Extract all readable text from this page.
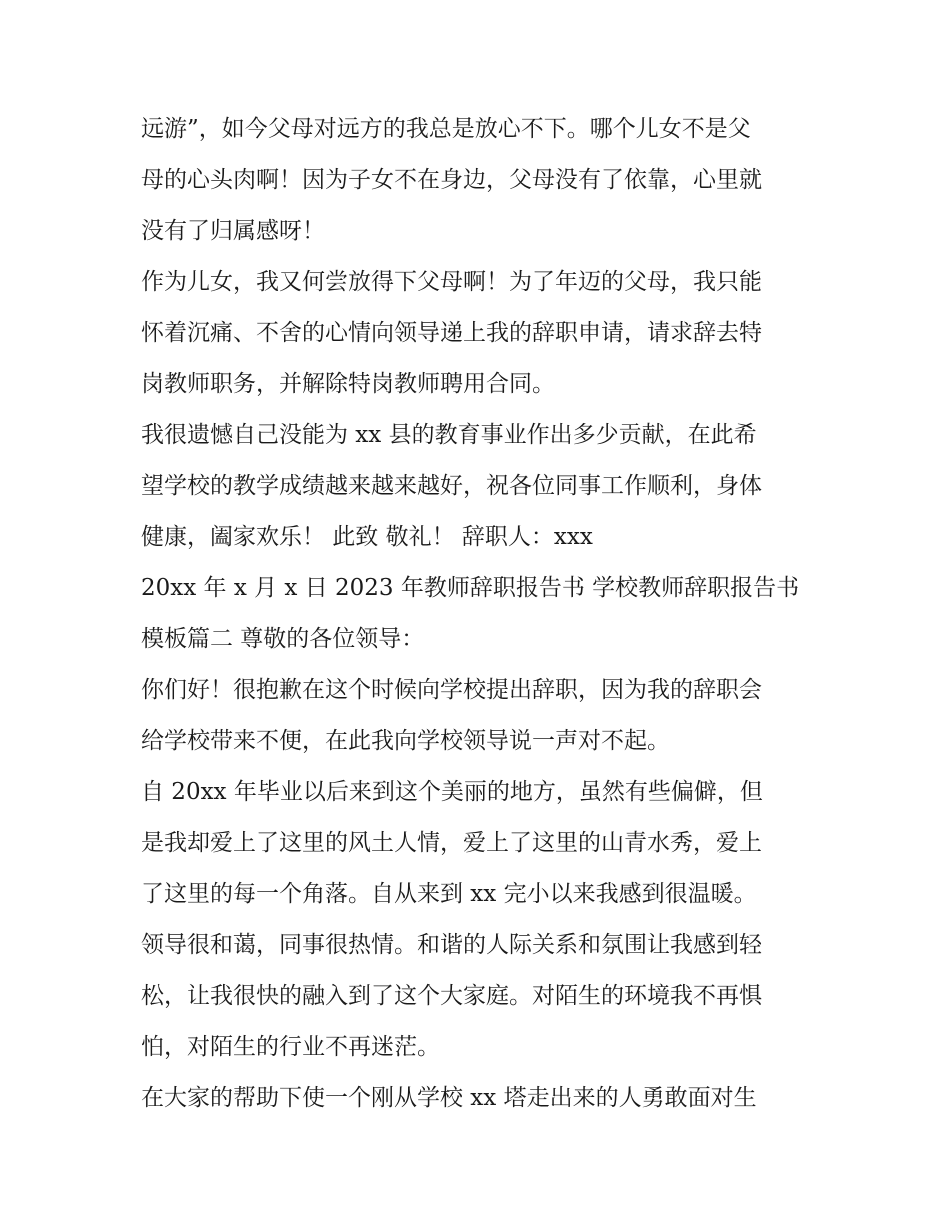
远游”，如今父母对远方的我总是放心不下。哪个儿女不是父
母的心头肉啊！因为子女不在身边，父母没有了依靠，心里就
没有了归属感呀！
作为儿女，我又何尝放得下父母啊！为了年迈的父母，我只能
怀着沉痛、不舍的心情向领导递上我的辞职申请，请求辞去特
岗教师职务，并解除特岗教师聘用合同。
我很遗憾自己没能为 xx 县的教育事业作出多少贡献，在此希
望学校的教学成绩越来越来越好，祝各位同事工作顺利，身体
健康，阖家欢乐！ 此致 敬礼！ 辞职人：xxx
20xx 年 x 月 x 日 2023 年教师辞职报告书 学校教师辞职报告书
模板篇二 尊敬的各位领导：
你们好！很抱歉在这个时候向学校提出辞职，因为我的辞职会
给学校带来不便，在此我向学校领导说一声对不起。
自 20xx 年毕业以后来到这个美丽的地方，虽然有些偏僻，但
是我却爱上了这里的风土人情，爱上了这里的山青水秀，爱上
了这里的每一个角落。自从来到 xx 完小以来我感到很温暖。
领导很和蔼，同事很热情。和谐的人际关系和氛围让我感到轻
松，让我很快的融入到了这个大家庭。对陌生的环境我不再惧
怕，对陌生的行业不再迷茫。
在大家的帮助下使一个刚从学校 xx 塔走出来的人勇敢面对生
